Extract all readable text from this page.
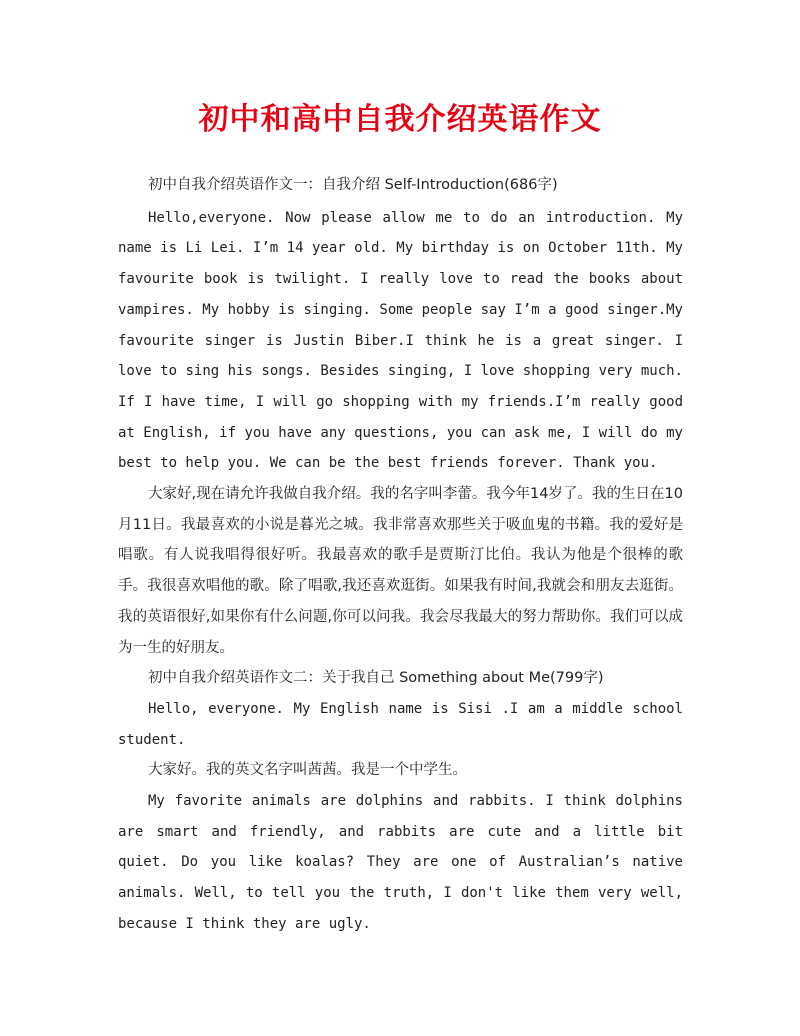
初中和高中自我介绍英语作文

初中自我介绍英语作文一：自我介绍 Self-Introduction(686字)

Hello,everyone. Now please allow me to do an introduction. My name is Li Lei. I’m 14 year old. My birthday is on October 11th. My favourite book is twilight. I really love to read the books about vampires. My hobby is singing. Some people say I’m a good singer.My favourite singer is Justin Biber.I think he is a great singer. I love to sing his songs. Besides singing, I love shopping very much. If I have time, I will go shopping with my friends.I’m really good at English, if you have any questions, you can ask me, I will do my best to help you. We can be the best friends forever. Thank you.

大家好,现在请允许我做自我介绍。我的名字叫李蕾。我今年14岁了。我的生日在10月11日。我最喜欢的小说是暮光之城。我非常喜欢那些关于吸血鬼的书籍。我的爱好是唱歌。有人说我唱得很好听。我最喜欢的歌手是贾斯汀比伯。我认为他是个很棒的歌手。我很喜欢唱他的歌。除了唱歌,我还喜欢逛街。如果我有时间,我就会和朋友去逛街。我的英语很好,如果你有什么问题,你可以问我。我会尽我最大的努力帮助你。我们可以成为一生的好朋友。

初中自我介绍英语作文二：关于我自己 Something about Me(799字)

Hello, everyone. My English name is Sisi .I am a middle school student.

大家好。我的英文名字叫茜茜。我是一个中学生。

My favorite animals are dolphins and rabbits. I think dolphins are smart and friendly, and rabbits are cute and a little bit quiet. Do you like koalas? They are one of Australian’s native animals. Well, to tell you the truth, I don't like them very well, because I think they are ugly.
